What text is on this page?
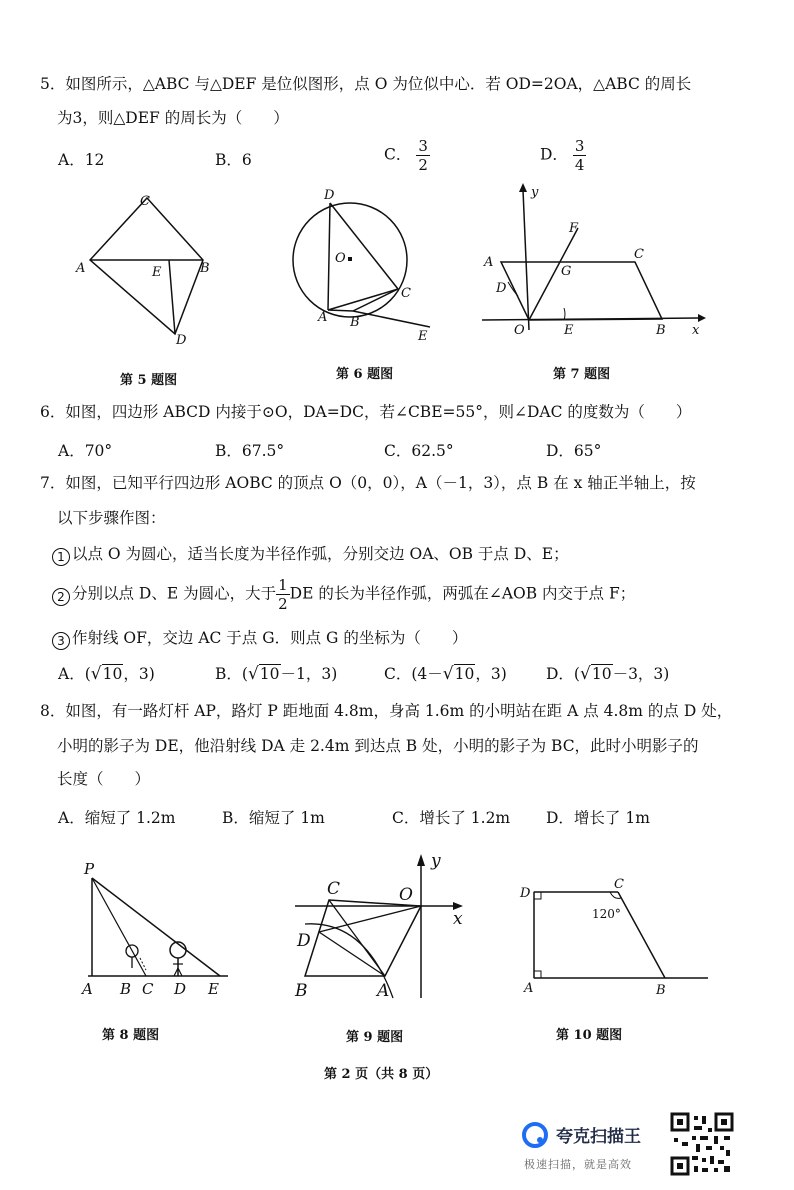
5．如图所示，△ABC 与△DEF 是位似图形，点 O 为位似中心．若 OD=2OA，△ABC 的周长
为3，则△DEF 的周长为（　　）
A．12	B．6	C． $\frac{3}{2}$	D． $\frac{3}{4}$
C
A	E	B
D
第 5 题图
D
O
C
A B
E
第 6 题图
y
F
A
G
C
D
O	E	B x
第 7 题图
6．如图，四边形 ABCD 内接于⊙O，DA=DC，若∠CBE=55°，则∠DAC 的度数为（　　）
A．70°	B．67.5°	C．62.5°	D．65°
7．如图，已知平行四边形 AOBC 的顶点 O（0，0），A（－1，3），点 B 在 x 轴正半轴上，按
以下步骤作图：
1 以点 O 为圆心，适当长度为半径作弧，分别交边 OA、OB 于点 D、E；
2 分别以点 D、E 为圆心，大于 $\frac{1}{2}$ DE 的长为半径作弧，两弧在∠AOB 内交于点 F；
3 作射线 OF，交边 AC 于点 G．则点 G 的坐标为（　　）
A．(√10，3)	B．(√10－1，3)	C．(4－√10，3)	D．(√10－3，3)
8．如图，有一路灯杆 AP，路灯 P 距地面 4.8m，身高 1.6m 的小明站在距 A 点 4.8m 的点 D 处，
小明的影子为 DE，他沿射线 DA 走 2.4m 到达点 B 处，小明的影子为 BC，此时小明影子的
长度（　　）
A．缩短了 1.2m	B．缩短了 1m	C．增长了 1.2m D．增长了 1m
P
A B C D E
第 8 题图
y
C	O
x
D
B	A
第 9 题图
D
C
120°
A	B
第 10 题图
第 2 页（共 8 页）
夸克扫描王
极速扫描，就是高效
